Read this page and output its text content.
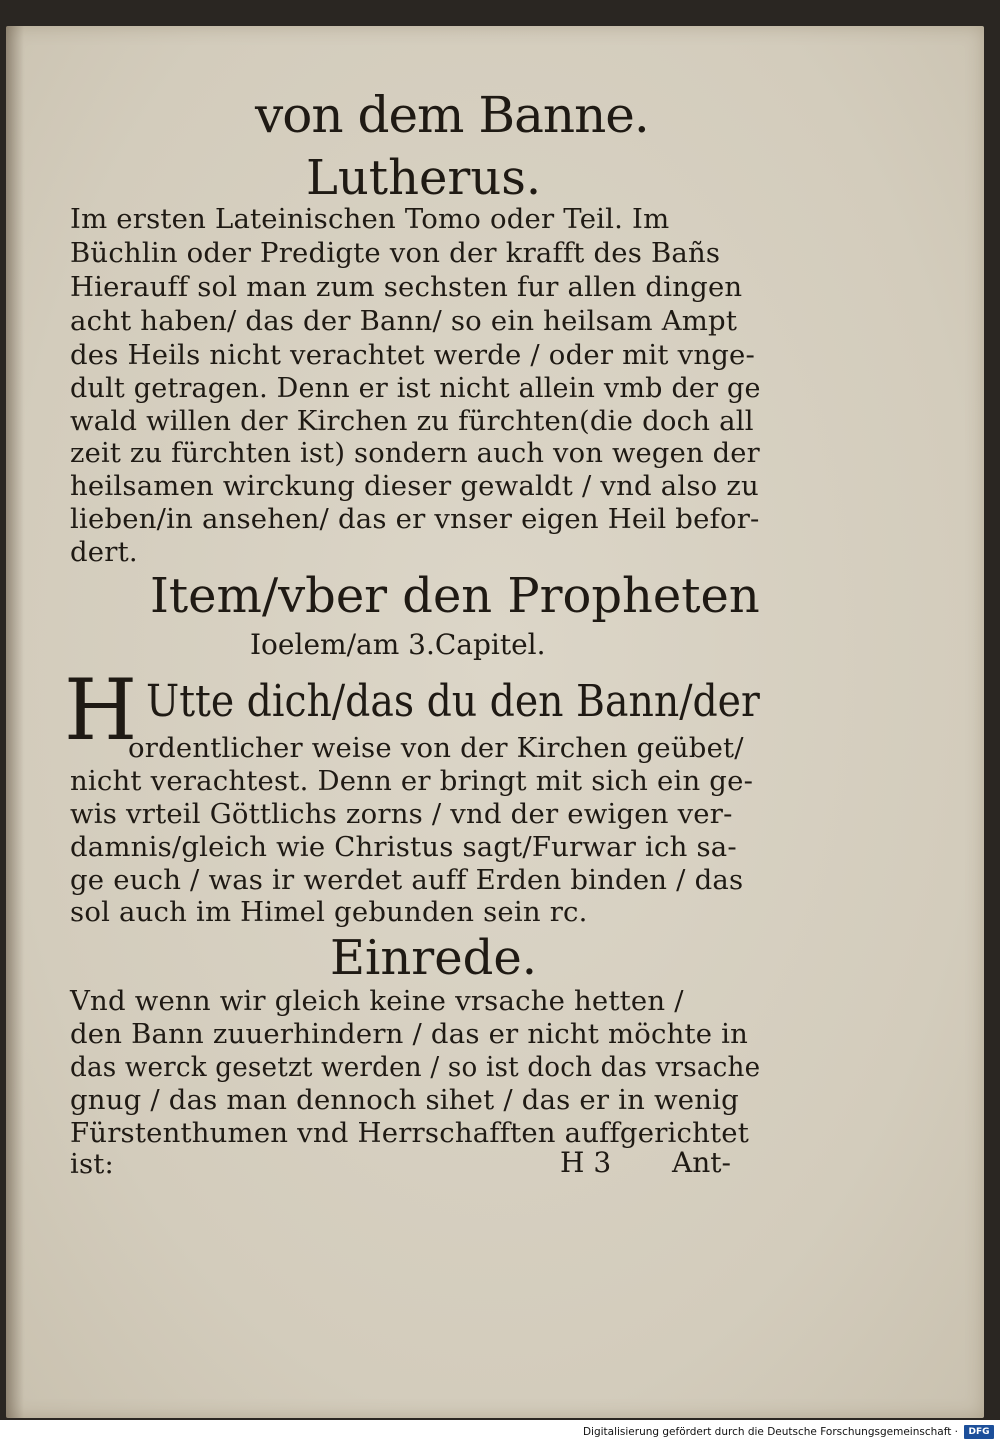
von dem Banne.
Lutherus.
Im ersten Lateinischen Tomo oder Teil. Im
Büchlin oder Predigte von der krafft des Bañs
Hierauff sol man zum sechsten fur allen dingen
acht haben/ das der Bann/ so ein heilsam Ampt
des Heils nicht verachtet werde / oder mit vnge-
dult getragen. Denn er ist nicht allein vmb der ge
wald willen der Kirchen zu fürchten(die doch all
zeit zu fürchten ist) sondern auch von wegen der
heilsamen wirckung dieser gewaldt / vnd also zu
lieben/in ansehen/ das er vnser eigen Heil befor-
dert.
Item/vber den Propheten
Ioelem/am 3.Capitel.
H Utte dich/das du den Bann/der
ordentlicher weise von der Kirchen geübet/
nicht verachtest. Denn er bringt mit sich ein ge-
wis vrteil Göttlichs zorns / vnd der ewigen ver-
damnis/gleich wie Christus sagt/Furwar ich sa-
ge euch / was ir werdet auff Erden binden / das
sol auch im Himel gebunden sein rc.
Einrede.
Vnd wenn wir gleich keine vrsache hetten /
den Bann zuuerhindern / das er nicht möchte in
das werck gesetzt werden / so ist doch das vrsache
gnug / das man dennoch sihet / das er in wenig
Fürstenthumen vnd Herrschafften auffgerichtet
ist:	H 3 Ant-
Digitalisierung gefördert durch die Deutsche Forschungsgemeinschaft ·	DFG
